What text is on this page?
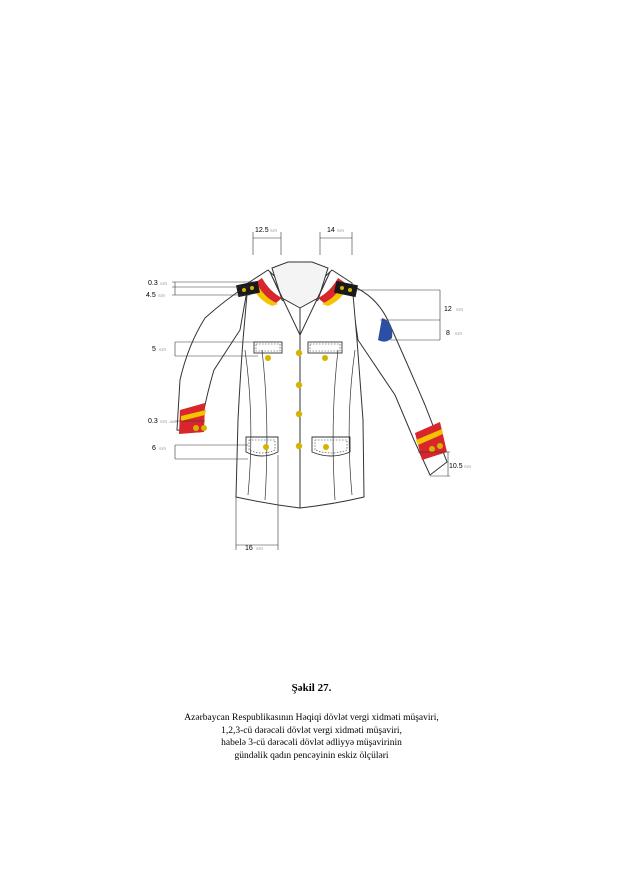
12.5 SITI	14 SITI
0.3 SITI
4.5 SITI
5 SITI
0.3 SITI -400
6 SITI
12 SITI
8 SITI
10.5 SITI
16 SITI
Şəkil 27.
Azərbaycan Respublikasının Həqiqi dövlət vergi xidməti müşaviri,
1,2,3-cü dərəcəli dövlət vergi xidməti müşaviri,
habelə 3-cü dərəcəli dövlət ədliyyə müşavirinin
gündəlik qadın pencəyinin eskiz ölçüləri
